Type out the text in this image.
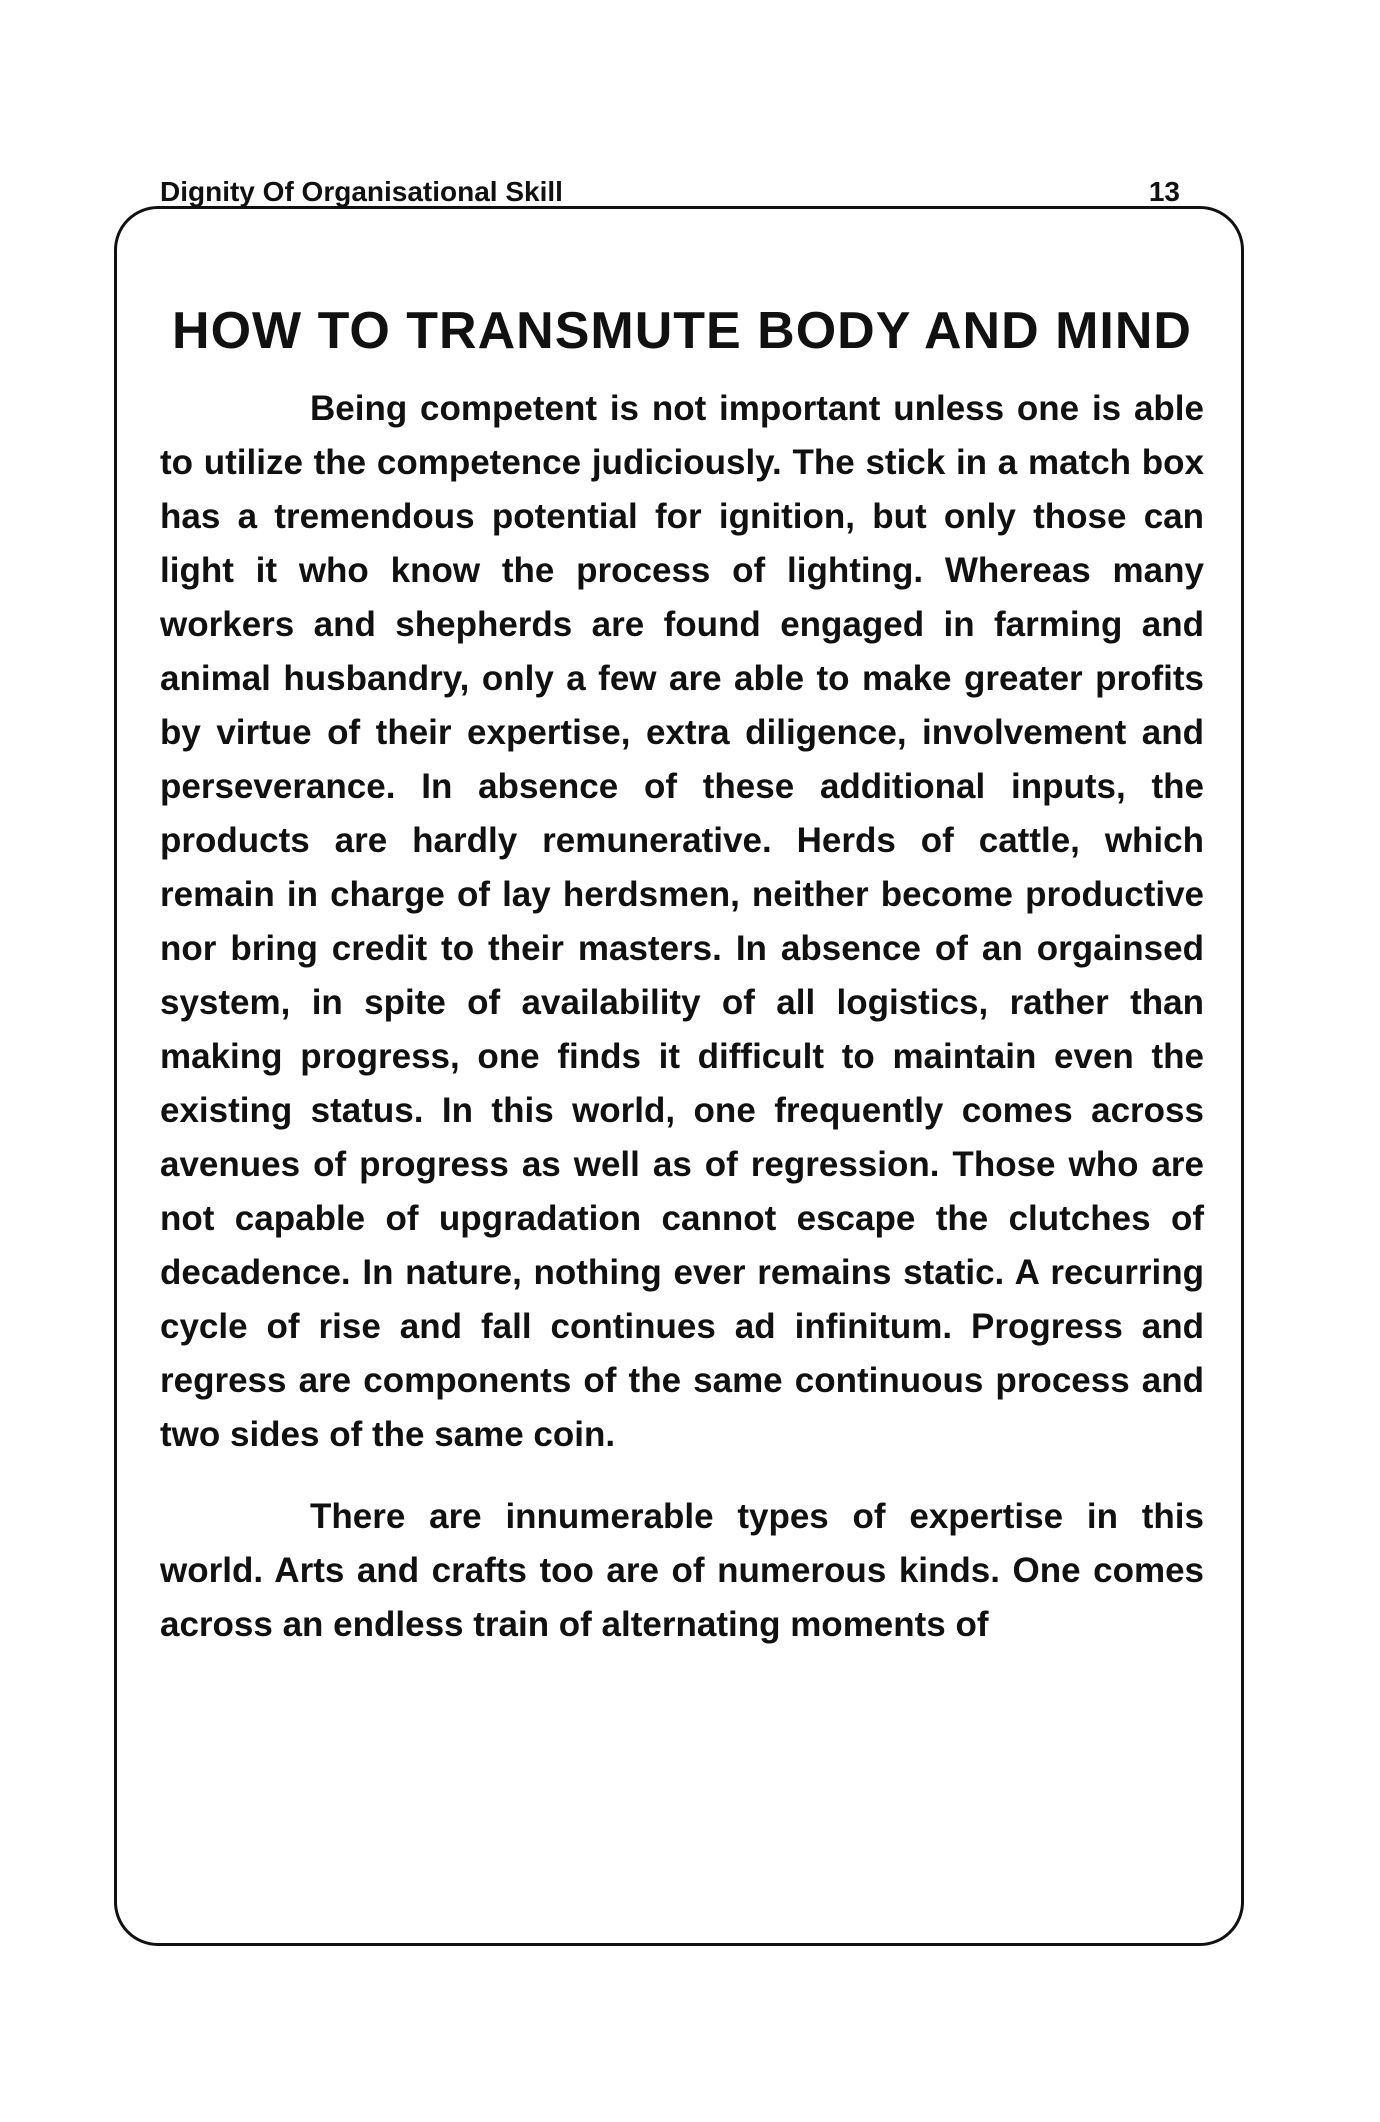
Dignity Of Organisational Skill	13
HOW TO TRANSMUTE BODY AND MIND

Being competent is not important unless one is able to utilize the competence judiciously. The stick in a match box has a tremendous potential for ignition, but only those can light it who know the process of lighting. Whereas many workers and shepherds are found engaged in farming and animal husbandry, only a few are able to make greater profits by virtue of their expertise, extra diligence, involvement and perseverance. In absence of these additional inputs, the products are hardly remunerative. Herds of cattle, which remain in charge of lay herdsmen, neither become productive nor bring credit to their masters. In absence of an orgainsed system, in spite of availability of all logistics, rather than making progress, one finds it difficult to maintain even the existing status. In this world, one frequently comes across avenues of progress as well as of regression. Those who are not capable of upgradation cannot escape the clutches of decadence. In nature, nothing ever remains static. A recurring cycle of rise and fall continues ad infinitum. Progress and regress are components of the same continuous process and two sides of the same coin.

There are innumerable types of expertise in this world. Arts and crafts too are of numerous kinds. One comes across an endless train of alternating moments of
